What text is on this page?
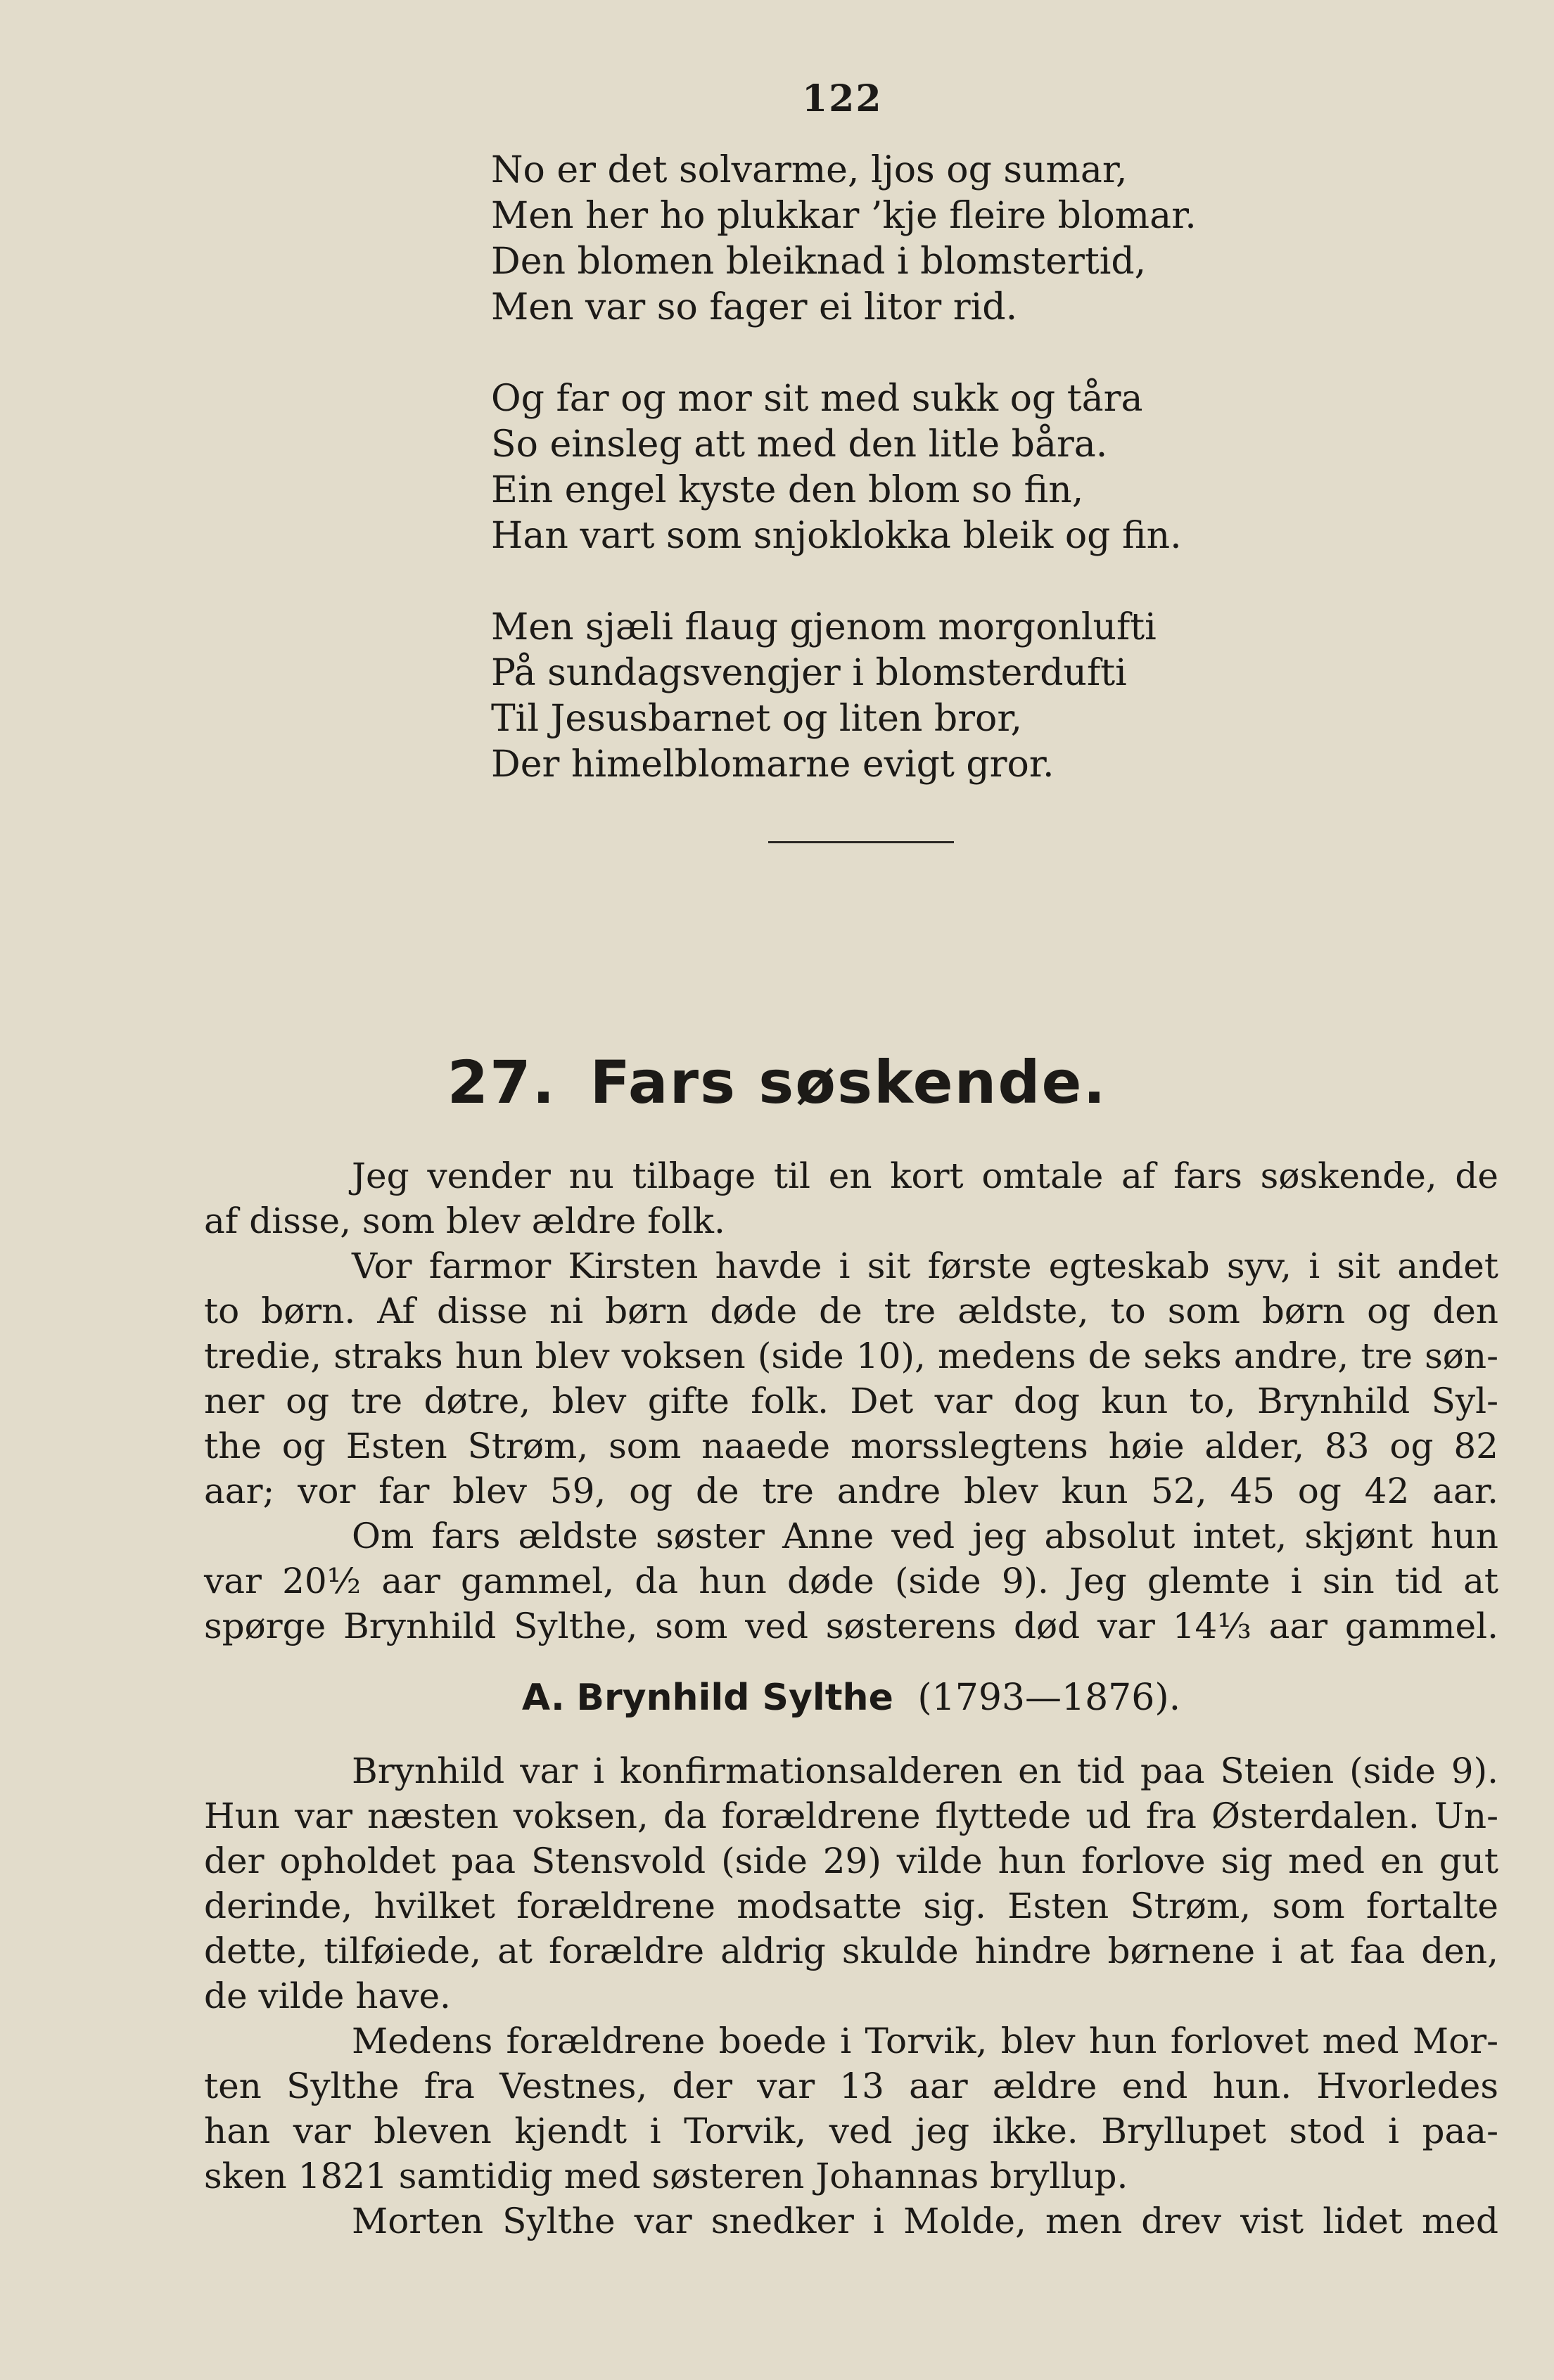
122
No er det solvarme, ljos og sumar,
Men her ho plukkar ’kje fleire blomar.
Den blomen bleiknad i blomstertid,
Men var so fager ei litor rid.
Og far og mor sit med sukk og tåra
So einsleg att med den litle båra.
Ein engel kyste den blom so fin,
Han vart som snjoklokka bleik og fin.
Men sjæli flaug gjenom morgonlufti
På sundagsvengjer i blomsterdufti
Til Jesusbarnet og liten bror,
Der himelblomarne evigt gror.
27. Fars søskende.
Jeg vender nu tilbage til en kort omtale af fars søskende, de
af disse, som blev ældre folk.
Vor farmor Kirsten havde i sit første egteskab syv, i sit andet
to børn. Af disse ni børn døde de tre ældste, to som børn og den
tredie, straks hun blev voksen (side 10), medens de seks andre, tre søn-
ner og tre døtre, blev gifte folk. Det var dog kun to, Brynhild Syl-
the og Esten Strøm, som naaede morsslegtens høie alder, 83 og 82
aar; vor far blev 59, og de tre andre blev kun 52, 45 og 42 aar.
Om fars ældste søster Anne ved jeg absolut intet, skjønt hun
var 20½ aar gammel, da hun døde (side 9). Jeg glemte i sin tid at
spørge Brynhild Sylthe, som ved søsterens død var 14⅓ aar gammel.
A. Brynhild Sylthe (1793—1876).
Brynhild var i konfirmationsalderen en tid paa Steien (side 9).
Hun var næsten voksen, da forældrene flyttede ud fra Østerdalen. Un-
der opholdet paa Stensvold (side 29) vilde hun forlove sig med en gut
derinde, hvilket forældrene modsatte sig. Esten Strøm, som fortalte
dette, tilføiede, at forældre aldrig skulde hindre børnene i at faa den,
de vilde have.
Medens forældrene boede i Torvik, blev hun forlovet med Mor-
ten Sylthe fra Vestnes, der var 13 aar ældre end hun. Hvorledes
han var bleven kjendt i Torvik, ved jeg ikke. Bryllupet stod i paa-
sken 1821 samtidig med søsteren Johannas bryllup.
Morten Sylthe var snedker i Molde, men drev vist lidet med
